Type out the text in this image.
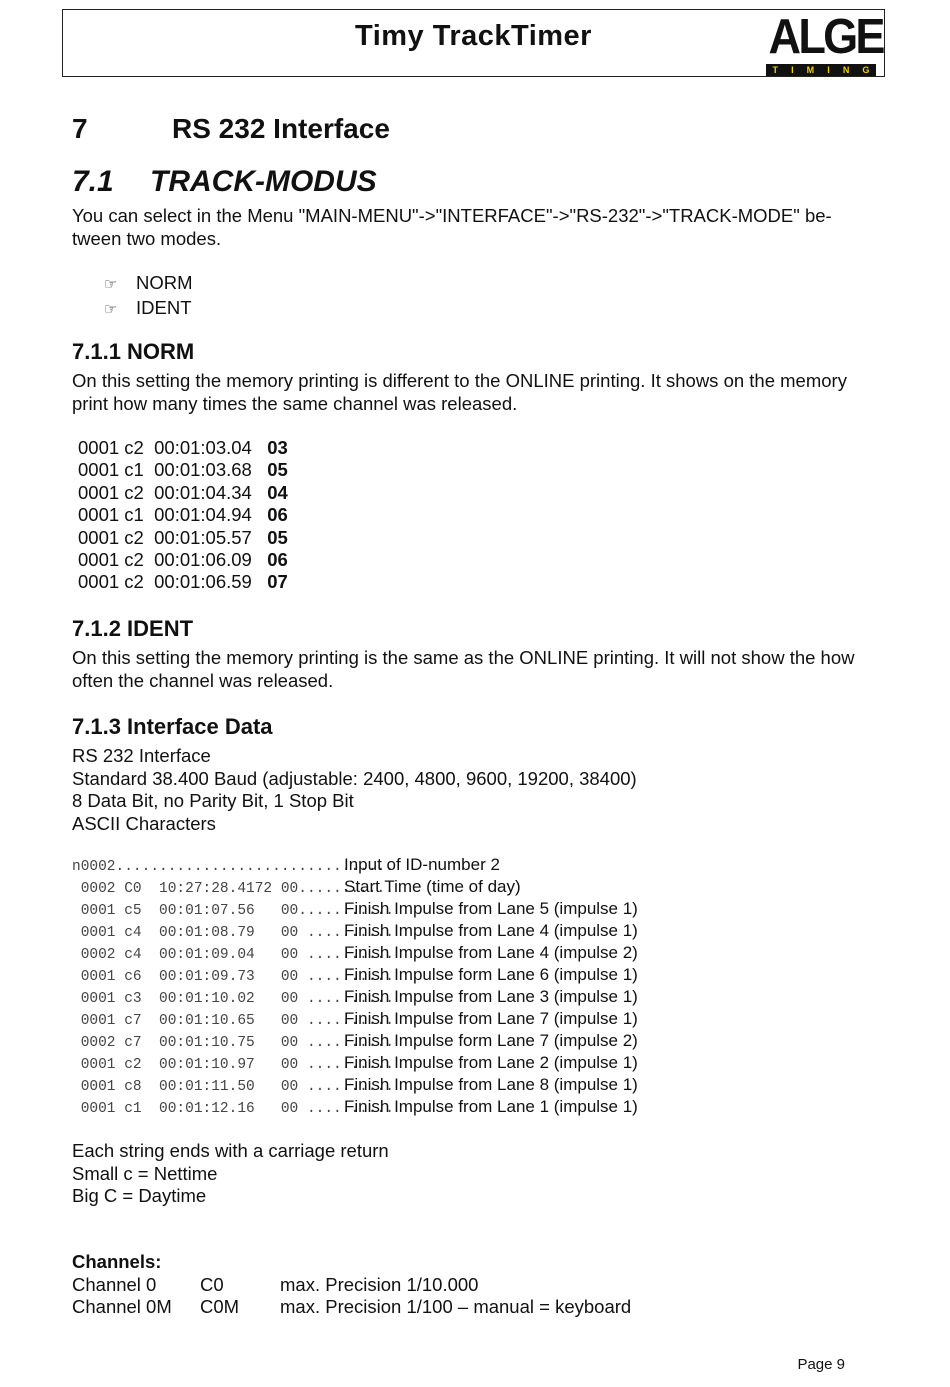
Timy TrackTimer	ALGE
T I M I N G
7	RS 232 Interface
7.1 TRACK-MODUS
You can select in the Menu "MAIN-MENU"->"INTERFACE"->"RS-232"->"TRACK-MODE" be-tween two modes.
☞ NORM
☞ IDENT
7.1.1 NORM
On this setting the memory printing is different to the ONLINE printing. It shows on the memory print how many times the same channel was released.
0001 c2  00:01:03.04   03
0001 c1  00:01:03.68   05
0001 c2  00:01:04.34   04
0001 c1  00:01:04.94   06
0001 c2  00:01:05.57   05
0001 c2  00:01:06.09   06
0001 c2  00:01:06.59   07
7.1.2 IDENT
On this setting the memory printing is the same as the ONLINE printing. It will not show the how often the channel was released.
7.1.3 Interface Data
RS 232 Interface
Standard 38.400 Baud (adjustable: 2400, 4800, 9600, 19200, 38400)
8 Data Bit, no Parity Bit, 1 Stop Bit
ASCII Characters
n0002................................Input of ID-number 2
0002 C0  10:27:28.4172 00...........Start Time (time of day)
0001 c5  00:01:07.56   00...........Finish Impulse from Lane 5 (impulse 1)
0001 c4  00:01:08.79   00 ..........Finish Impulse from Lane 4 (impulse 1)
0002 c4  00:01:09.04   00 ..........Finish Impulse from Lane 4 (impulse 2)
0001 c6  00:01:09.73   00 ..........Finish Impulse form Lane 6 (impulse 1)
0001 c3  00:01:10.02   00 ..........Finish Impulse from Lane 3 (impulse 1)
0001 c7  00:01:10.65   00 ..........Finish Impulse from Lane 7 (impulse 1)
0002 c7  00:01:10.75   00 ..........Finish Impulse form Lane 7 (impulse 2)
0001 c2  00:01:10.97   00 ..........Finish Impulse from Lane 2 (impulse 1)
0001 c8  00:01:11.50   00 ..........Finish Impulse from Lane 8 (impulse 1)
0001 c1  00:01:12.16   00 ..........Finish Impulse from Lane 1 (impulse 1)
Each string ends with a carriage return
Small c = Nettime
Big C = Daytime
Channels:
Channel 0 C0	max. Precision 1/10.000
Channel 0M C0M max. Precision 1/100 – manual = keyboard
Page 9
